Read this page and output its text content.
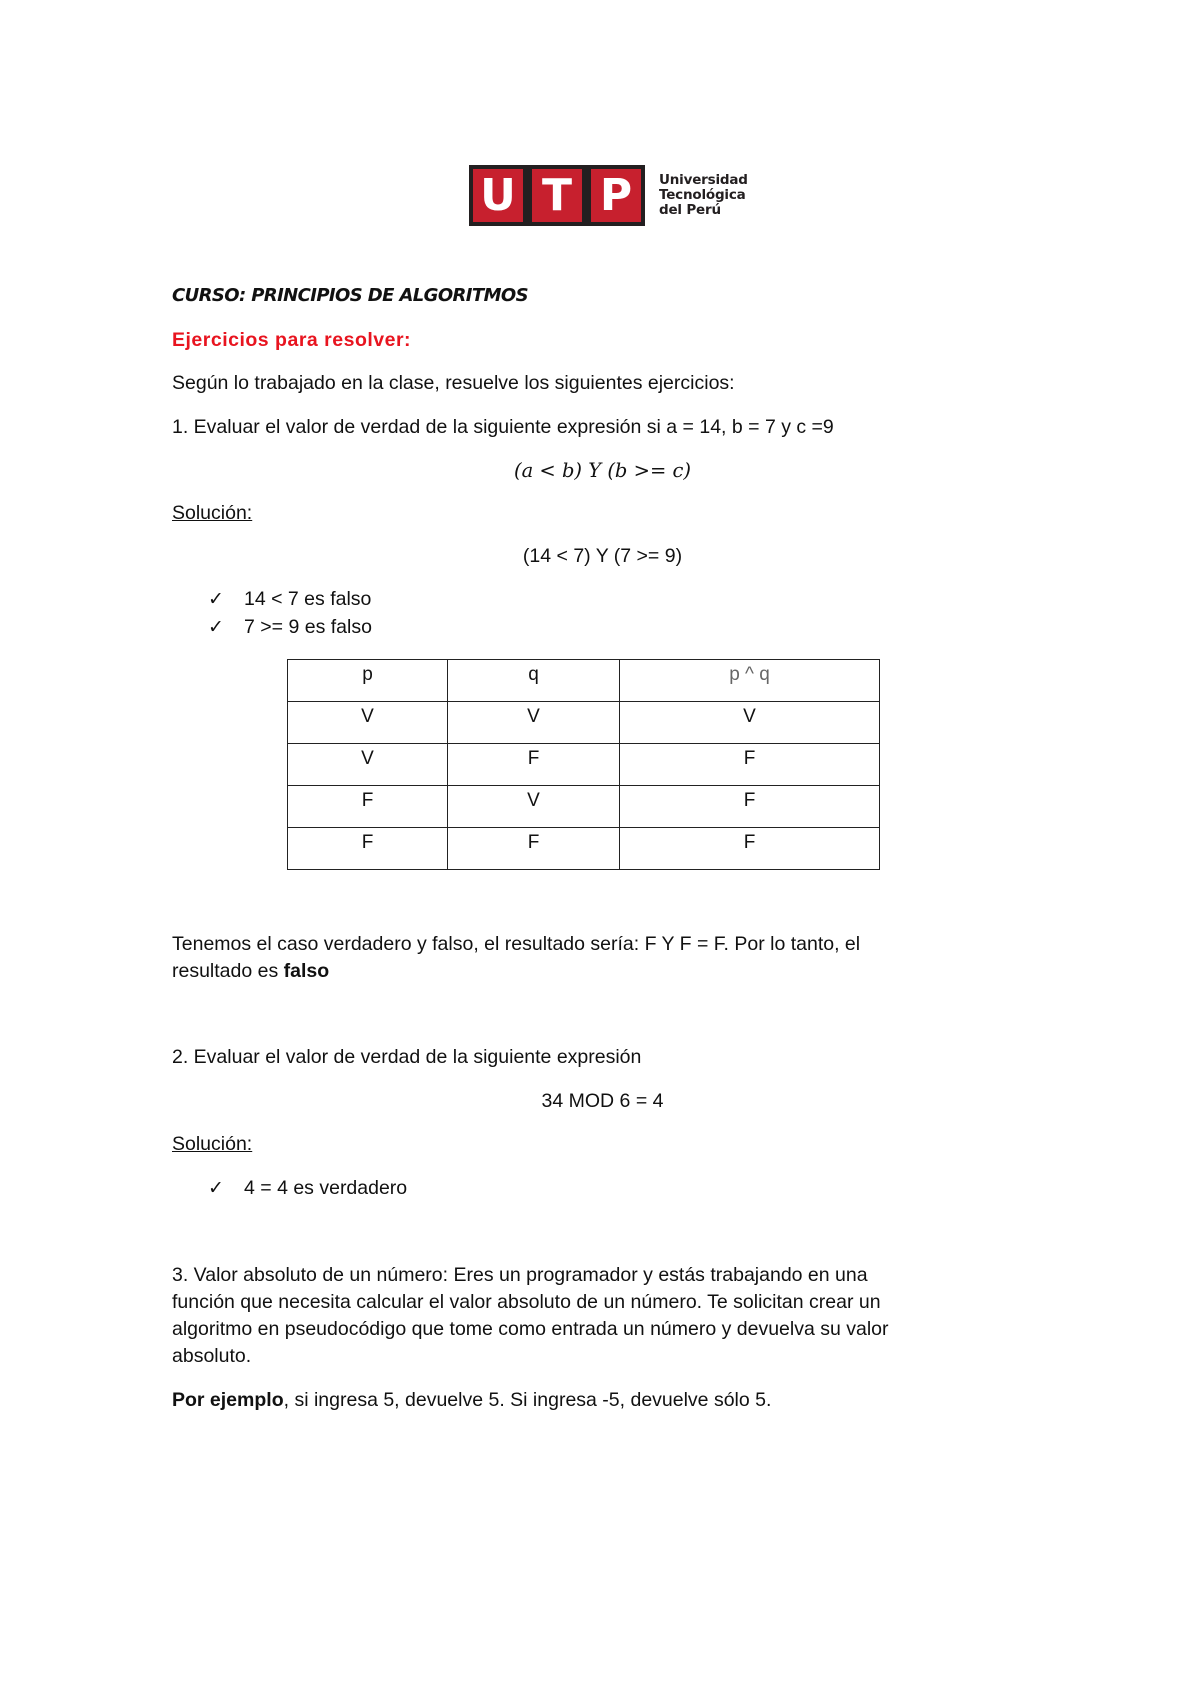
U T P	Universidad
Tecnológica
del Perú
CURSO: PRINCIPIOS DE ALGORITMOS
Ejercicios para resolver:
Según lo trabajado en la clase, resuelve los siguientes ejercicios:
1. Evaluar el valor de verdad de la siguiente expresión si a = 14, b = 7 y c =9
(a < b) Y (b >= c)
Solución:
(14 < 7) Y (7 >= 9)
✓ 14 < 7 es falso
✓ 7 >= 9 es falso
p	q	p ^ q
V	V	V
V	F	F
F	V	F
F	F	F
Tenemos el caso verdadero y falso, el resultado sería: F Y F = F. Por lo tanto, el
resultado es falso
2. Evaluar el valor de verdad de la siguiente expresión
34 MOD 6 = 4
Solución:
✓ 4 = 4 es verdadero
3. Valor absoluto de un número: Eres un programador y estás trabajando en una
función que necesita calcular el valor absoluto de un número. Te solicitan crear un
algoritmo en pseudocódigo que tome como entrada un número y devuelva su valor
absoluto.
Por ejemplo, si ingresa 5, devuelve 5. Si ingresa -5, devuelve sólo 5.
